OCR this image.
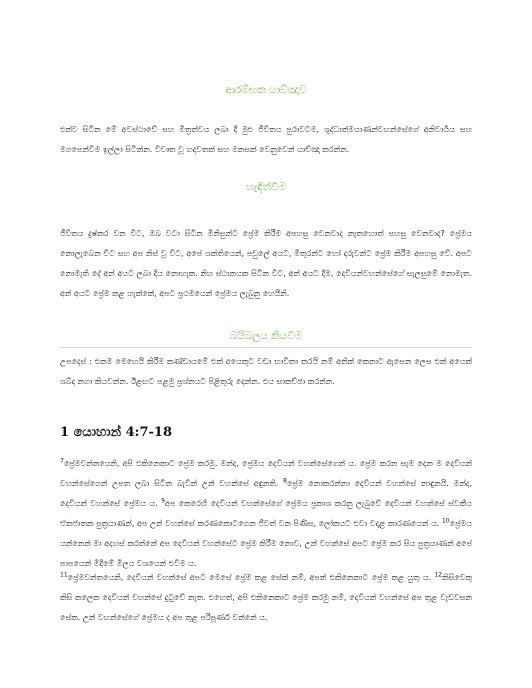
ආරම්භක යාච්ඤාව
එක්ව සිටින මේ අවස්ථාවේ සහ මිත්‍රත්වය ලබා දී මුළු ජීවිතය පුරාවටම, ශුද්ධාත්මයාණන්වහන්සේගේ අනිවාර්‍යය සහ මගපෙන්වීම ඉල්ලා සිටින්න. විවෘත වූ හදවතක් සහ මනසක් වෙනුවෙන් යාච්ඤා කරන්න.
හැඳින්වීම
ජීවිතය දුෂ්කර වන විට, ඔබ වටා සිටින මිනිසුන්ට ප්‍රේම කිරීම අපහසු වෙනවාද නැතහොත් පහසු වෙනවාද? ප්‍රේමය නොලැබෙන විට සහ අප නිස් වූ විට, අපේ ශක්තියෙන්, පවුලේ අයට, මිතුරන්ට හෝ දරුවන්ට ප්‍රේම කිරීම අපහසු වේ. අපට නොමැති දේ අන් අයට ලබා දිය නොහැක. නිහ ස්ථානයක සිටින විට, අන් අයට දීම, දෙවියන්වහන්සේගේ සැලසුමේ නොමැත. අන් අයට ප්‍රේම කළ හැක්කේ, අපට ප්‍රථමයෙන් ප්‍රේමය ලැබුනු හෙයිනි.
බයිබලය කියවීම
උපදෙස් : එකම මෙහෙයි කිරීම කණ්ඩායමේ එක් අයෙකුට වඩා භාවිතා කරයි නම් අනික් කෙනාට ඇසෙන ලෙස එක් අයෙක් ශබ්ද නගා කියවන්න. ඊළඟට පළමු ප්‍රශ්නයට පිළිතුරු දෙන්න. එය සාකච්ඡා කරන්න.
1 යොහාන් 4:7-18
$^7$ප්‍රේමවන්තයෙනි, අපි එකිනෙකාට ප්‍රේම කරමු. මන්ද, ප්‍රේමය දෙවියන් වහන්සේගෙන් ය. ප්‍රේම කරන සැම දෙන ම දෙවියන් වහන්සේගෙන් උපත ලබා සිටින බැවින් උන් වහන්සේ අඳුනති. $^8$ප්‍රේම නොකරන්නා දෙවියන් වහන්සේ නාඳුනයි. මන්ද, දෙවියන් වහන්සේ ප්‍රේමය ය. $^9$අප කෙරෙහි දෙවියන් වහන්සේගේ ප්‍රේමය ප්‍රකාශ කරනු ලැබුවේ දෙවියන් වහන්සේ ස්වකීය ඒකජාතක පුත්‍රයාණන්, අප උන් වහන්සේ කරණකොටගෙන ජීවත් වන පිණිස, ලෝකයට එවා වදාළ කාරණයෙන් ය. $^{10}$ප්‍රේමය යන්නෙන් මා අදහස් කරන්නේ අප දෙවියන් වහන්සේට ප්‍රේම කිරීම නොව, උන් වහන්සේ අපට ප්‍රේම කර සිය පුත්‍රයාණන් අපේ පාපයෙන් මිදීමේ මිලය වශයෙන් එවීම ය.
$^{11}$ප්‍රේමවන්තයෙනි, දෙවියන් වහන්සේ අපට මෙසේ ප්‍රේම කළ සේක් නම්, අපත් එකිනෙකාට ප්‍රේම කළ යුතු ය. $^{12}$කිසිවෙකු කිසි කලෙක දෙවියන් වහන්සේ දුටුවේ නැත. එහෙත්, අපි එකිනෙකාට ප්‍රේම කරමු නම්, දෙවියන් වහන්සේ අප තුළ වැඩවසන සේක. උන් වහන්සේගේ ප්‍රේමය ද අප තුළ පරිපූර්ණ වන්නේ ය.
